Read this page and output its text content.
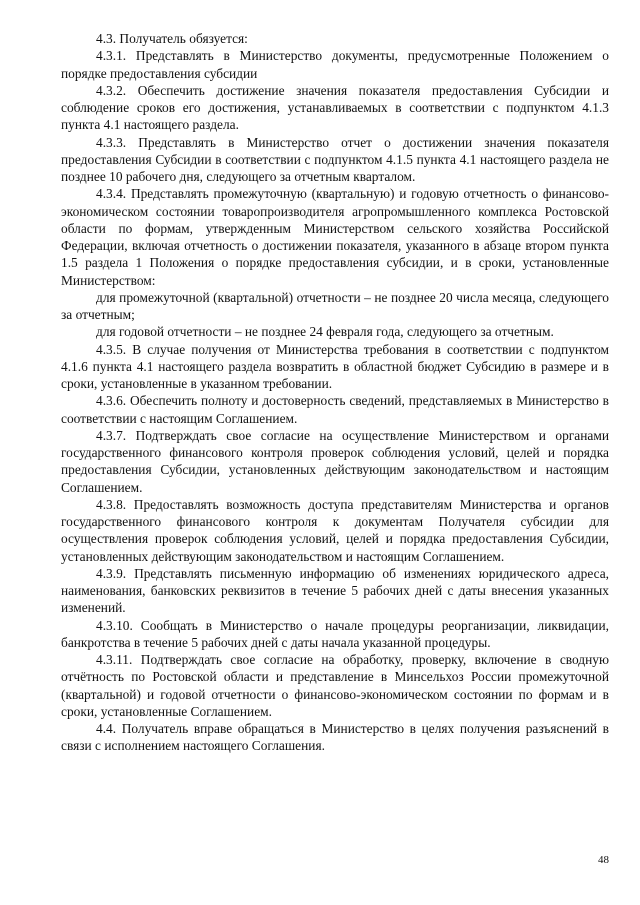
4.3. Получатель обязуется:

4.3.1. Представлять в Министерство документы, предусмотренные Положением о порядке предоставления субсидии

4.3.2. Обеспечить достижение значения показателя предоставления Субсидии и соблюдение сроков его достижения, устанавливаемых в соответствии с подпунктом 4.1.3 пункта 4.1 настоящего раздела.

4.3.3. Представлять в Министерство отчет о достижении значения показателя предоставления Субсидии в соответствии с подпунктом 4.1.5 пункта 4.1 настоящего раздела не позднее 10 рабочего дня, следующего за отчетным кварталом.

4.3.4. Представлять промежуточную (квартальную) и годовую отчетность о финансово-экономическом состоянии товаропроизводителя агропромышленного комплекса Ростовской области по формам, утвержденным Министерством сельского хозяйства Российской Федерации, включая отчетность о достижении показателя, указанного в абзаце втором пункта 1.5 раздела 1 Положения о порядке предоставления субсидии, и в сроки, установленные Министерством:

для промежуточной (квартальной) отчетности – не позднее 20 числа месяца, следующего за отчетным;

для годовой отчетности – не позднее 24 февраля года, следующего за отчетным.

4.3.5. В случае получения от Министерства требования в соответствии с подпунктом 4.1.6 пункта 4.1 настоящего раздела возвратить в областной бюджет Субсидию в размере и в сроки, установленные в указанном требовании.

4.3.6. Обеспечить полноту и достоверность сведений, представляемых в Министерство в соответствии с настоящим Соглашением.

4.3.7. Подтверждать свое согласие на осуществление Министерством и органами государственного финансового контроля проверок соблюдения условий, целей и порядка предоставления Субсидии, установленных действующим законодательством и настоящим Соглашением.

4.3.8. Предоставлять возможность доступа представителям Министерства и органов государственного финансового контроля к документам Получателя субсидии для осуществления проверок соблюдения условий, целей и порядка предоставления Субсидии, установленных действующим законодательством и настоящим Соглашением.

4.3.9. Представлять письменную информацию об изменениях юридического адреса, наименования, банковских реквизитов в течение 5 рабочих дней с даты внесения указанных изменений.

4.3.10. Сообщать в Министерство о начале процедуры реорганизации, ликвидации, банкротства в течение 5 рабочих дней с даты начала указанной процедуры.

4.3.11. Подтверждать свое согласие на обработку, проверку, включение в сводную отчётность по Ростовской области и представление в Минсельхоз России промежуточной (квартальной) и годовой отчетности о финансово-экономическом состоянии по формам и в сроки, установленные Соглашением.

4.4. Получатель вправе обращаться в Министерство в целях получения разъяснений в связи с исполнением настоящего Соглашения.

48
